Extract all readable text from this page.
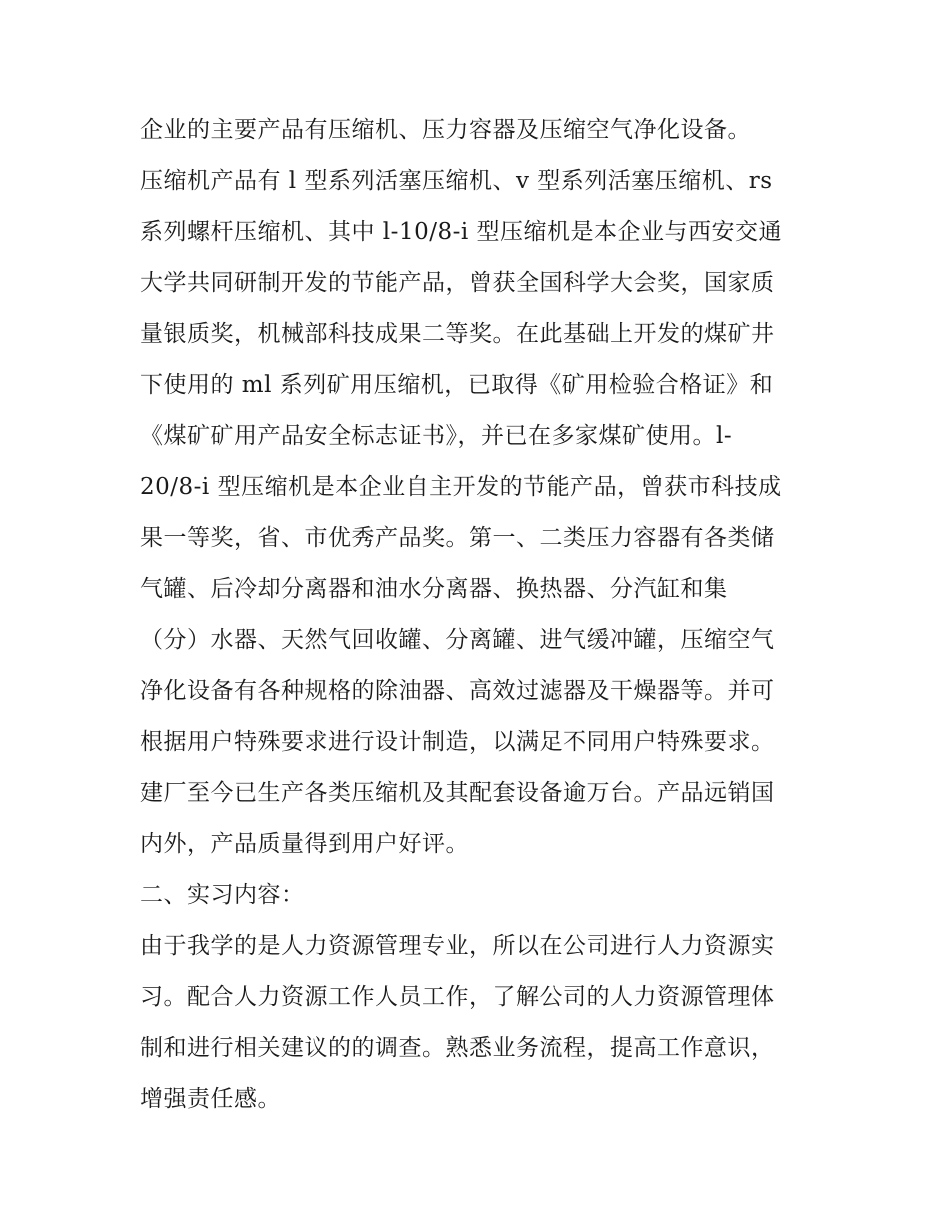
企业的主要产品有压缩机、压力容器及压缩空气净化设备。
压缩机产品有 l 型系列活塞压缩机、v 型系列活塞压缩机、rs
系列螺杆压缩机、其中 l-10/8-i 型压缩机是本企业与西安交通
大学共同研制开发的节能产品，曾获全国科学大会奖，国家质
量银质奖，机械部科技成果二等奖。在此基础上开发的煤矿井
下使用的 ml 系列矿用压缩机，已取得《矿用检验合格证》和
《煤矿矿用产品安全标志证书》，并已在多家煤矿使用。l-
20/8-i 型压缩机是本企业自主开发的节能产品，曾获市科技成
果一等奖，省、市优秀产品奖。第一、二类压力容器有各类储
气罐、后冷却分离器和油水分离器、换热器、分汽缸和集
（分）水器、天然气回收罐、分离罐、进气缓冲罐，压缩空气
净化设备有各种规格的除油器、高效过滤器及干燥器等。并可
根据用户特殊要求进行设计制造，以满足不同用户特殊要求。
建厂至今已生产各类压缩机及其配套设备逾万台。产品远销国
内外，产品质量得到用户好评。
二、实习内容：
由于我学的是人力资源管理专业，所以在公司进行人力资源实
习。配合人力资源工作人员工作，了解公司的人力资源管理体
制和进行相关建议的的调查。熟悉业务流程，提高工作意识，
增强责任感。
